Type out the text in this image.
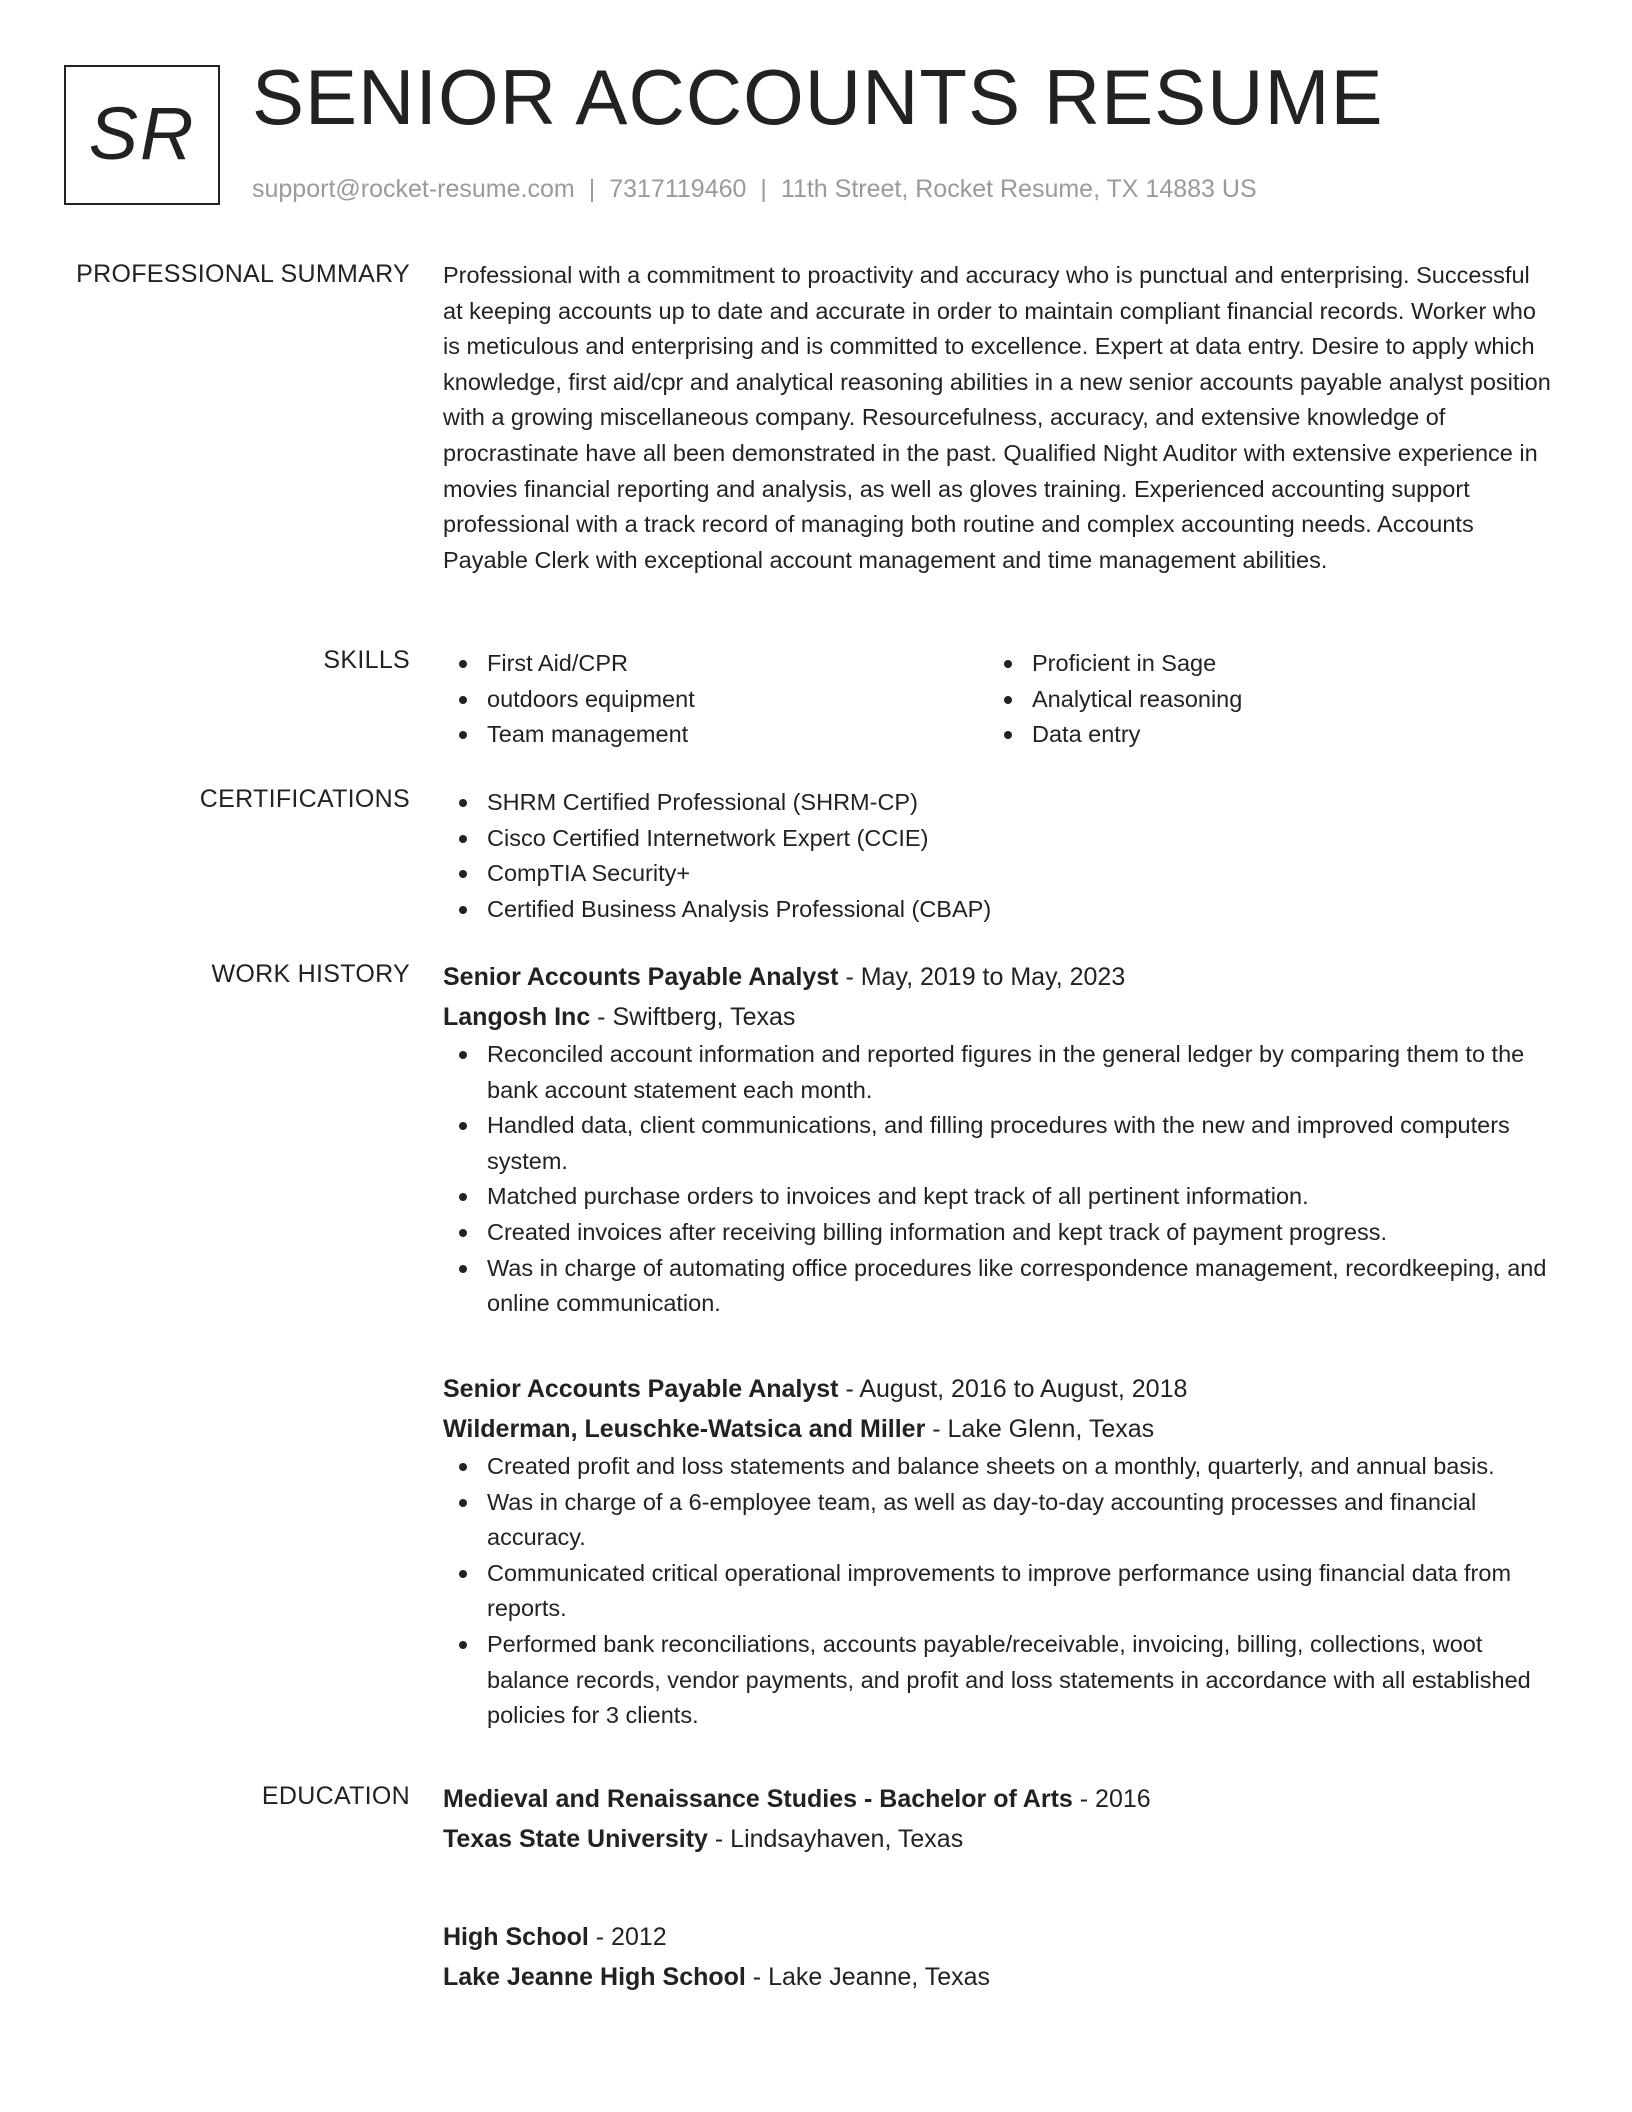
SR SENIOR ACCOUNTS RESUME
support@rocket-resume.com | 7317119460 | 11th Street, Rocket Resume, TX 14883 US
PROFESSIONAL SUMMARY Professional with a commitment to proactivity and accuracy who is punctual and enterprising. Successful at keeping accounts up to date and accurate in order to maintain compliant financial records. Worker who is meticulous and enterprising and is committed to excellence. Expert at data entry. Desire to apply which knowledge, first aid/cpr and analytical reasoning abilities in a new senior accounts payable analyst position with a growing miscellaneous company. Resourcefulness, accuracy, and extensive knowledge of procrastinate have all been demonstrated in the past. Qualified Night Auditor with extensive experience in movies financial reporting and analysis, as well as gloves training. Experienced accounting support professional with a track record of managing both routine and complex accounting needs. Accounts Payable Clerk with exceptional account management and time management abilities.

SKILLS	First Aid/CPR
outdoors equipment
Team management
Proficient in Sage
Analytical reasoning
Data entry
CERTIFICATIONS	SHRM Certified Professional (SHRM-CP)
Cisco Certified Internetwork Expert (CCIE)
CompTIA Security+
Certified Business Analysis Professional (CBAP)
WORK HISTORY Senior Accounts Payable Analyst - May, 2019 to May, 2023
Langosh Inc - Swiftberg, Texas
Reconciled account information and reported figures in the general ledger by comparing them to the bank account statement each month.
Handled data, client communications, and filling procedures with the new and improved computers system.
Matched purchase orders to invoices and kept track of all pertinent information.
Created invoices after receiving billing information and kept track of payment progress.
Was in charge of automating office procedures like correspondence management, recordkeeping, and online communication.
Senior Accounts Payable Analyst - August, 2016 to August, 2018
Wilderman, Leuschke-Watsica and Miller - Lake Glenn, Texas
Created profit and loss statements and balance sheets on a monthly, quarterly, and annual basis.
Was in charge of a 6-employee team, as well as day-to-day accounting processes and financial accuracy.
Communicated critical operational improvements to improve performance using financial data from reports.
Performed bank reconciliations, accounts payable/receivable, invoicing, billing, collections, woot balance records, vendor payments, and profit and loss statements in accordance with all established policies for 3 clients.
EDUCATION Medieval and Renaissance Studies - Bachelor of Arts - 2016
Texas State University - Lindsayhaven, Texas
High School - 2012
Lake Jeanne High School - Lake Jeanne, Texas
